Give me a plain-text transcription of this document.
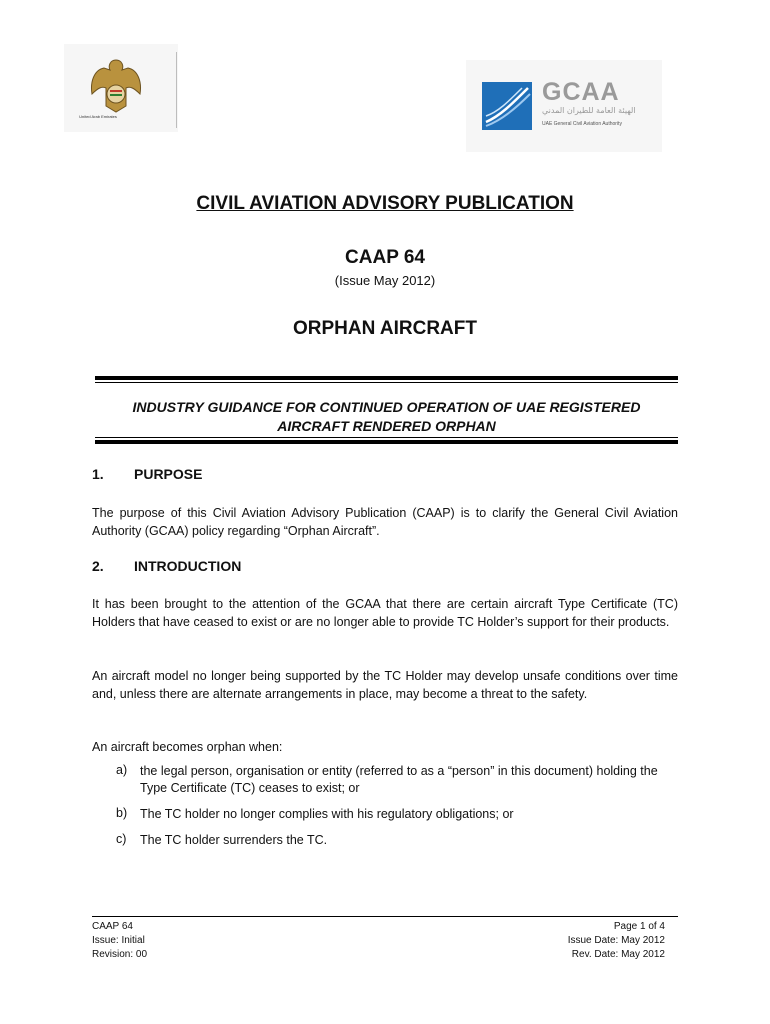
United Arab Emirates
GCAA
الهيئة العامة للطيران المدني
UAE General Civil Aviation Authority
CIVIL AVIATION ADVISORY PUBLICATION
CAAP 64
(Issue May 2012)
ORPHAN AIRCRAFT
INDUSTRY GUIDANCE FOR CONTINUED OPERATION OF UAE REGISTERED
AIRCRAFT RENDERED ORPHAN
1. PURPOSE
The purpose of this Civil Aviation Advisory Publication (CAAP) is to clarify the General Civil Aviation Authority (GCAA) policy regarding “Orphan Aircraft”.
2. INTRODUCTION
It has been brought to the attention of the GCAA that there are certain aircraft Type Certificate (TC) Holders that have ceased to exist or are no longer able to provide TC Holder’s support for their products.
An aircraft model no longer being supported by the TC Holder may develop unsafe conditions over time and, unless there are alternate arrangements in place, may become a threat to the safety.
An aircraft becomes orphan when:
a) the legal person, organisation or entity (referred to as a “person” in this document) holding the Type Certificate (TC) ceases to exist; or
b) The TC holder no longer complies with his regulatory obligations; or
c) The TC holder surrenders the TC.
CAAP 64
Issue: Initial
Revision: 00
Page 1 of 4
Issue Date: May 2012
Rev. Date: May 2012
